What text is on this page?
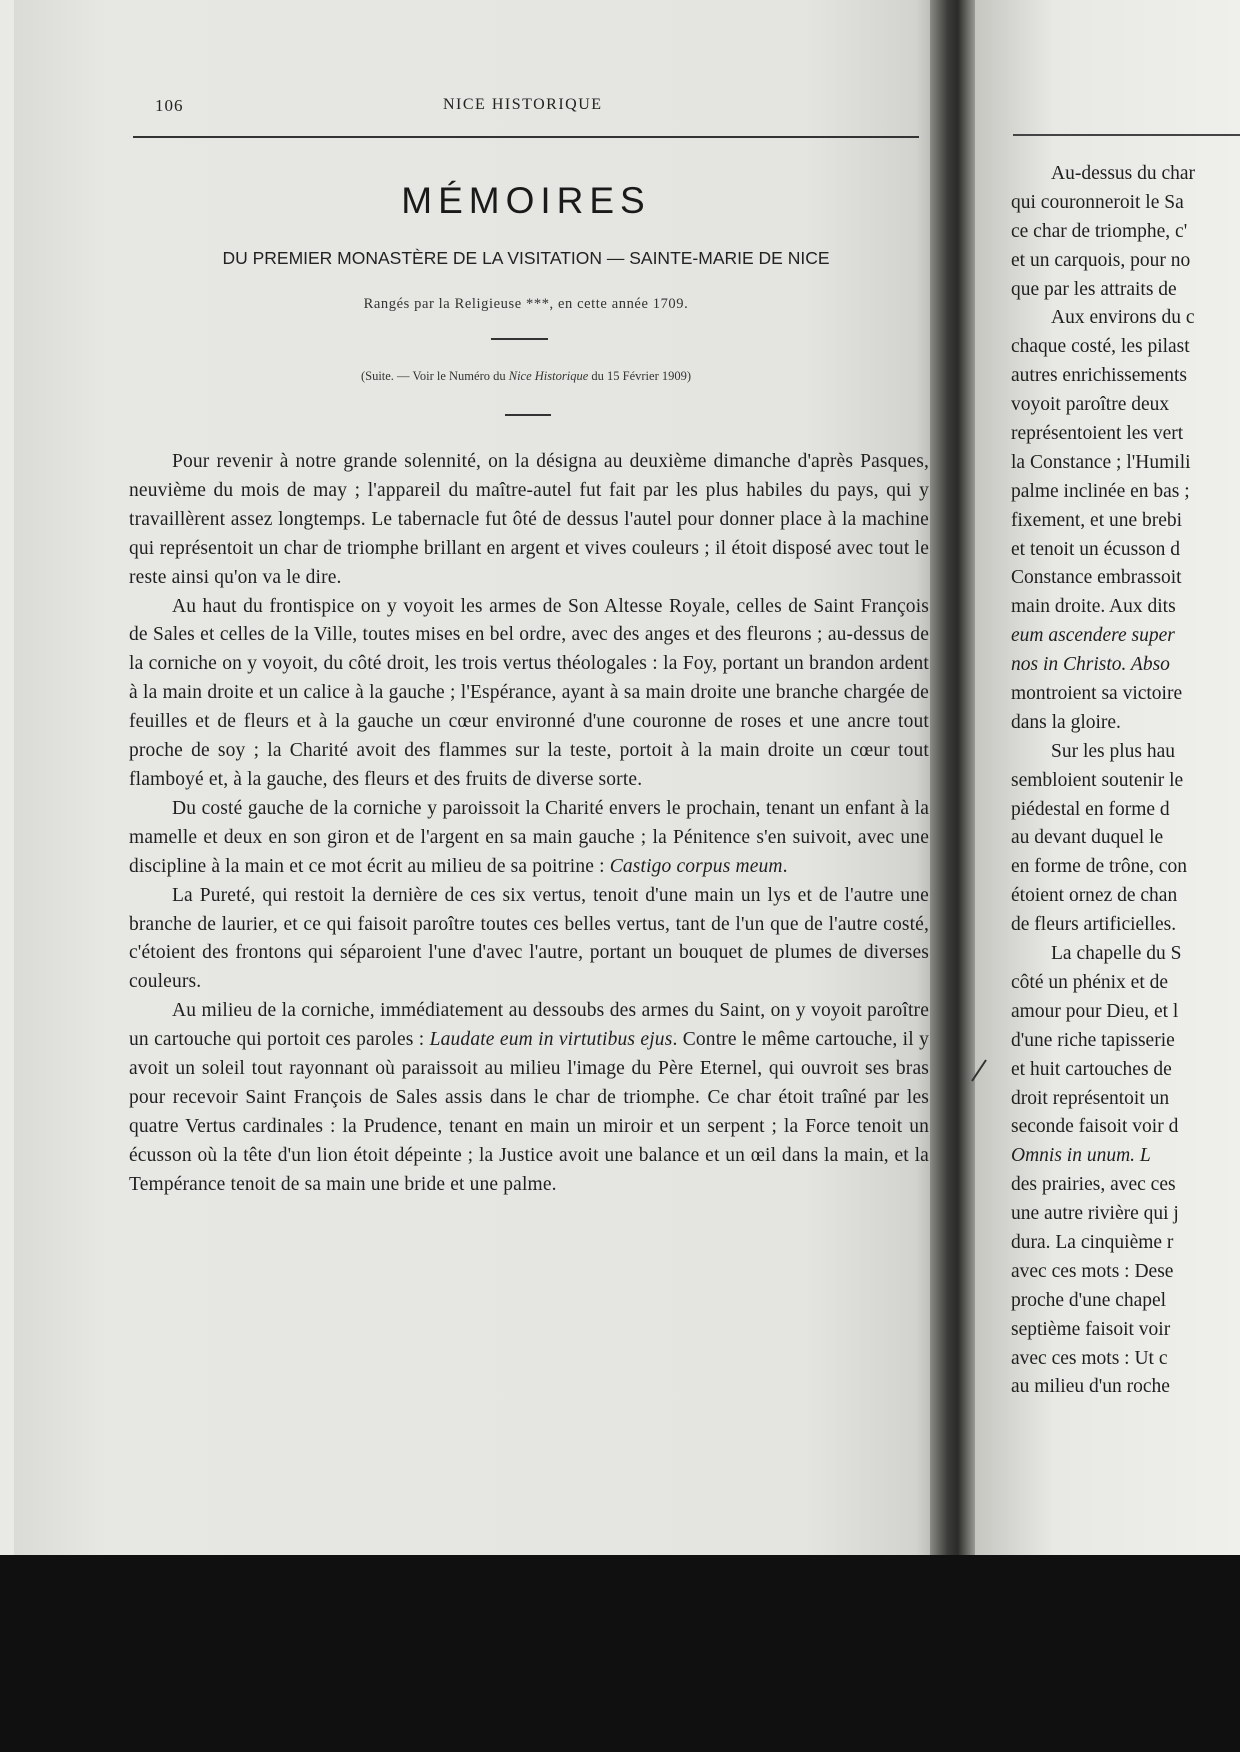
Au-dessus du char
qui couronneroit le Sa
ce char de triomphe, c'
et un carquois, pour no
que par les attraits de
Aux environs du c
chaque costé, les pilast
autres enrichissements
voyoit paroître deux
représentoient les vert
la Constance ; l'Humili
palme inclinée en bas ;
fixement, et une brebi
et tenoit un écusson d
Constance embrassoit
main droite. Aux dits
eum ascendere super
nos in Christo. Abso
montroient sa victoire
dans la gloire.
Sur les plus hau
sembloient soutenir le
piédestal en forme d
au devant duquel le
en forme de trône, con
étoient ornez de chan
de fleurs artificielles.
La chapelle du S
côté un phénix et de
amour pour Dieu, et l
d'une riche tapisserie
et huit cartouches de
droit représentoit un
seconde faisoit voir d
Omnis in unum. L
des prairies, avec ces
une autre rivière qui j
dura. La cinquième r
avec ces mots : Dese
proche d'une chapel
septième faisoit voir
avec ces mots : Ut c
au milieu d'un roche
106	NICE HISTORIQUE
MÉMOIRES
DU PREMIER MONASTÈRE DE LA VISITATION — SAINTE-MARIE DE NICE
Rangés par la Religieuse ***, en cette année 1709.
(Suite. — Voir le Numéro du Nice Historique du 15 Février 1909)

Pour revenir à notre grande solennité, on la désigna au deuxième dimanche d'après Pasques, neuvième du mois de may ; l'appareil du maître-autel fut fait par les plus habiles du pays, qui y travaillèrent assez longtemps. Le tabernacle fut ôté de dessus l'autel pour donner place à la machine qui représentoit un char de triomphe brillant en argent et vives couleurs ; il étoit disposé avec tout le reste ainsi qu'on va le dire.

Au haut du frontispice on y voyoit les armes de Son Altesse Royale, celles de Saint François de Sales et celles de la Ville, toutes mises en bel ordre, avec des anges et des fleurons ; au-dessus de la corniche on y voyoit, du côté droit, les trois vertus théologales : la Foy, portant un brandon ardent à la main droite et un calice à la gauche ; l'Espérance, ayant à sa main droite une branche chargée de feuilles et de fleurs et à la gauche un cœur environné d'une couronne de roses et une ancre tout proche de soy ; la Charité avoit des flammes sur la teste, portoit à la main droite un cœur tout flamboyé et, à la gauche, des fleurs et des fruits de diverse sorte.

Du costé gauche de la corniche y paroissoit la Charité envers le prochain, tenant un enfant à la mamelle et deux en son giron et de l'argent en sa main gauche ; la Pénitence s'en suivoit, avec une discipline à la main et ce mot écrit au milieu de sa poitrine : Castigo corpus meum.

La Pureté, qui restoit la dernière de ces six vertus, tenoit d'une main un lys et de l'autre une branche de laurier, et ce qui faisoit paroître toutes ces belles vertus, tant de l'un que de l'autre costé, c'étoient des frontons qui séparoient l'une d'avec l'autre, portant un bouquet de plumes de diverses couleurs.

Au milieu de la corniche, immédiatement au dessoubs des armes du Saint, on y voyoit paroître un cartouche qui portoit ces paroles : Laudate eum in virtutibus ejus. Contre le même cartouche, il y avoit un soleil tout rayonnant où paraissoit au milieu l'image du Père Eternel, qui ouvroit ses bras pour recevoir Saint François de Sales assis dans le char de triomphe. Ce char étoit traîné par les quatre Vertus cardinales : la Prudence, tenant en main un miroir et un serpent ; la Force tenoit un écusson où la tête d'un lion étoit dépeinte ; la Justice avoit une balance et un œil dans la main, et la Tempérance tenoit de sa main une bride et une palme.
